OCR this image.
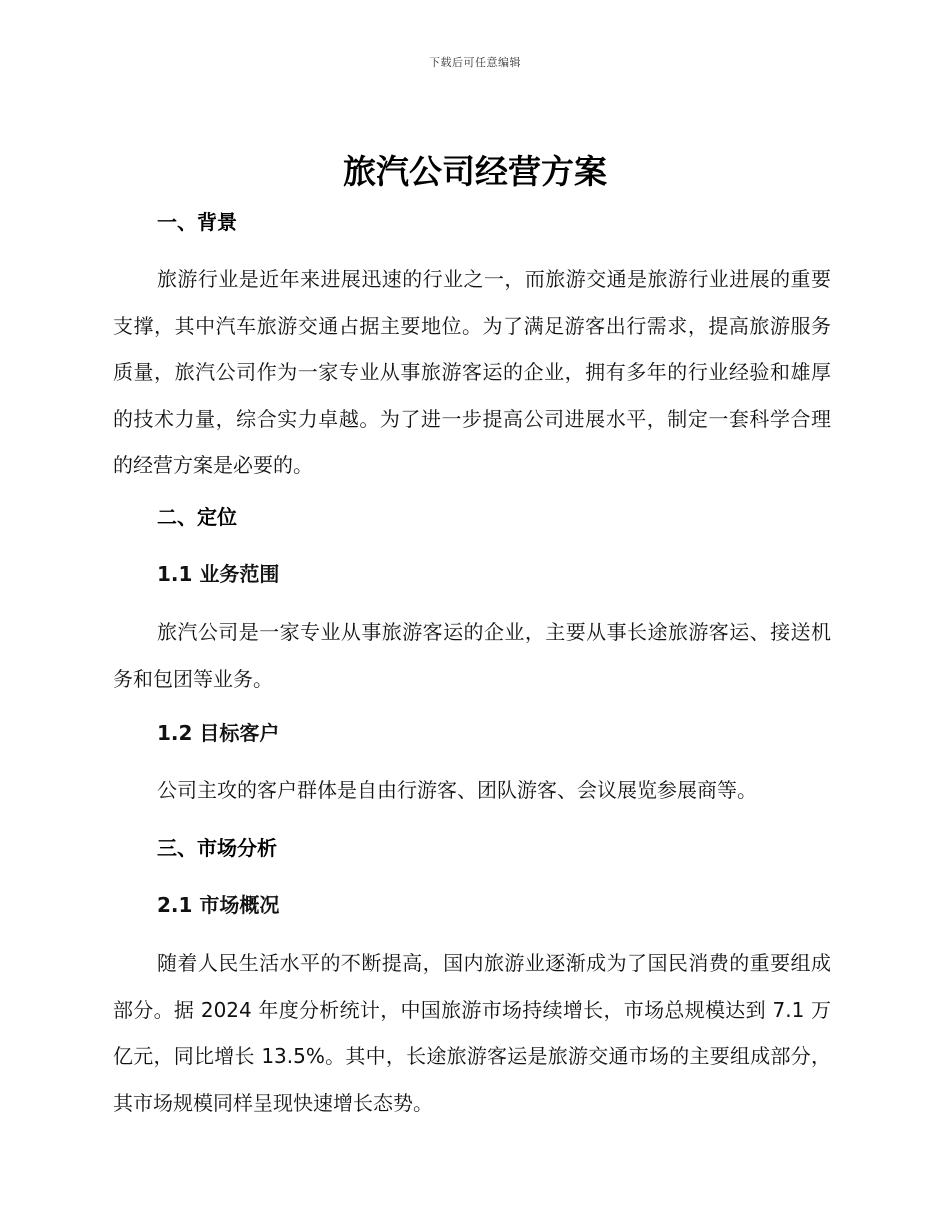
下载后可任意编辑
旅汽公司经营方案
一、背景

旅游行业是近年来进展迅速的行业之一，而旅游交通是旅游行业进展的重要支撑，其中汽车旅游交通占据主要地位。为了满足游客出行需求，提高旅游服务质量，旅汽公司作为一家专业从事旅游客运的企业，拥有多年的行业经验和雄厚的技术力量，综合实力卓越。为了进一步提高公司进展水平，制定一套科学合理的经营方案是必要的。

二、定位
1.1 业务范围

旅汽公司是一家专业从事旅游客运的企业，主要从事长途旅游客运、接送机务和包团等业务。

1.2 目标客户

公司主攻的客户群体是自由行游客、团队游客、会议展览参展商等。

三、市场分析
2.1 市场概况

随着人民生活水平的不断提高，国内旅游业逐渐成为了国民消费的重要组成部分。据 2024 年度分析统计，中国旅游市场持续增长，市场总规模达到 7.1 万亿元，同比增长 13.5%。其中，长途旅游客运是旅游交通市场的主要组成部分，其市场规模同样呈现快速增长态势。
